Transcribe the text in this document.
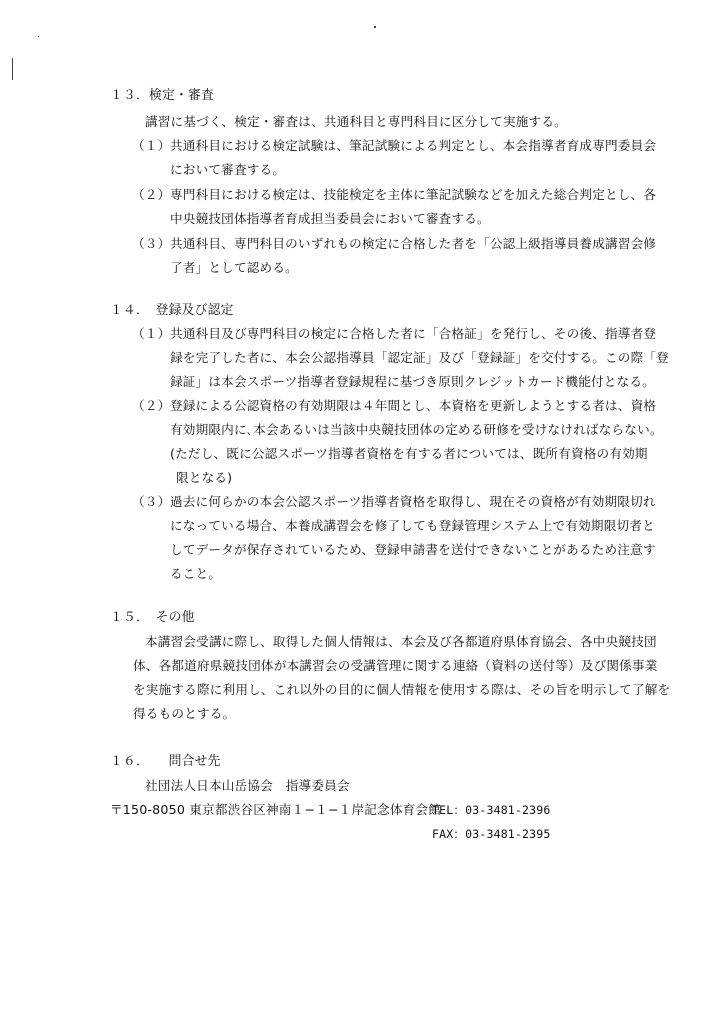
１３．検定・審査
講習に基づく、検定・審査は、共通科目と専門科目に区分して実施する。
（１） 共通科目における検定試験は、筆記試験による判定とし、本会指導者育成専門委員会
において審査する。
（２） 専門科目における検定は、技能検定を主体に筆記試験などを加えた総合判定とし、各
中央競技団体指導者育成担当委員会において審査する。
（３） 共通科目、専門科目のいずれもの検定に合格した者を「公認上級指導員養成講習会修
了者」として認める。
１４．　登録及び認定
（１） 共通科目及び専門科目の検定に合格した者に「合格証」を発行し、その後、指導者登
録を完了した者に、本会公認指導員「認定証」及び「登録証」を交付する。この際「登
録証」は本会スポーツ指導者登録規程に基づき原則クレジットカード機能付となる。
（２） 登録による公認資格の有効期限は４年間とし、本資格を更新しようとする者は、資格
有効期限内に､本会あるいは当該中央競技団体の定める研修を受けなければならない。
(ただし、既に公認スポーツ指導者資格を有する者については、既所有資格の有効期
限となる)
（３） 過去に何らかの本会公認スポーツ指導者資格を取得し、現在その資格が有効期限切れ
になっている場合、本養成講習会を修了しても登録管理システム上で有効期限切者と
してデータが保存されているため、登録申請書を送付できないことがあるため注意す
ること。
１５．　その他
本講習会受講に際し、取得した個人情報は、本会及び各都道府県体育協会、各中央競技団
体、各都道府県競技団体が本講習会の受講管理に関する連絡（資料の送付等）及び関係事業
を実施する際に利用し、これ以外の目的に個人情報を使用する際は、その旨を明示して了解を
得るものとする。
１６．　　問合せ先
社団法人日本山岳協会　指導委員会
〒150-8050 東京都渋谷区神南１−１−１岸記念体育会館
TEL：03-3481-2396
FAX：03-3481-2395
